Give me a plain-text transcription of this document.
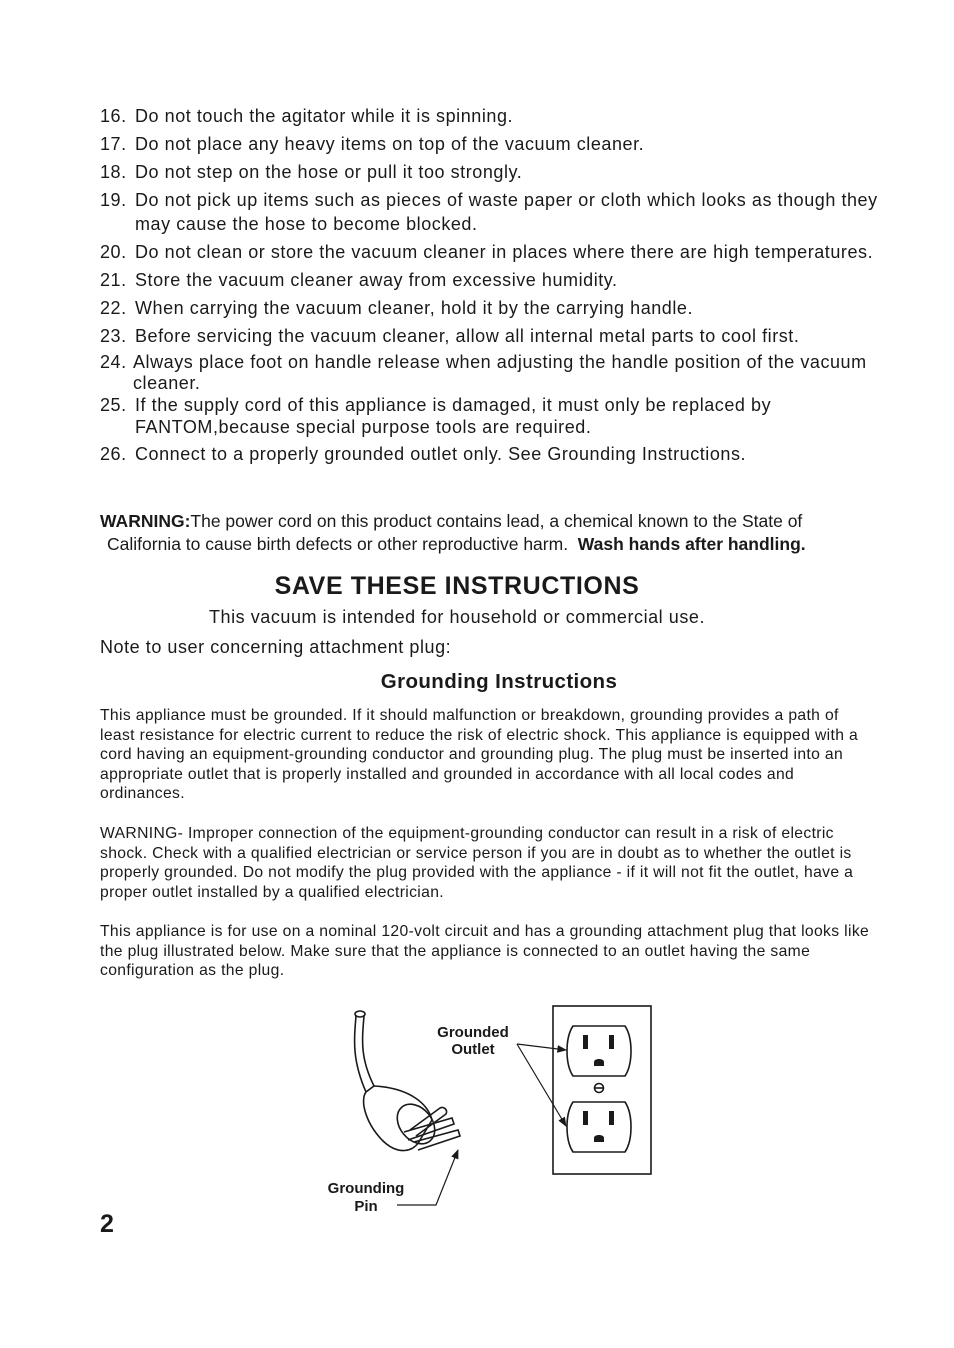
16. Do not touch the agitator while it is spinning.
17. Do not place any heavy items on top of the vacuum cleaner.
18. Do not step on the hose or pull it too strongly.
19. Do not pick up items such as pieces of waste paper or cloth which looks as though they may cause the hose to become blocked.
20. Do not clean or store the vacuum cleaner in places where there are high temperatures.
21. Store the vacuum cleaner away from excessive humidity.
22. When carrying the vacuum cleaner, hold it by the carrying handle.
23. Before servicing the vacuum cleaner, allow all internal metal parts to cool first.
24. Always place foot on handle release when adjusting the handle position of the vacuum cleaner.
25. If the supply cord of this appliance is damaged, it must only be replaced by FANTOM,because special purpose tools are required.
26. Connect to a properly grounded outlet only. See Grounding Instructions.
WARNING:The power cord on this product contains lead, a chemical known to the State of
California to cause birth defects or other reproductive harm. Wash hands after handling.
SAVE THESE INSTRUCTIONS
This vacuum is intended for household or commercial use.
Note to user concerning attachment plug:
Grounding Instructions

This appliance must be grounded. If it should malfunction or breakdown, grounding provides a path of least resistance for electric current to reduce the risk of electric shock. This appliance is equipped with a cord having an equipment-grounding conductor and grounding plug. The plug must be inserted into an appropriate outlet that is properly installed and grounded in accordance with all local codes and ordinances.

WARNING- Improper connection of the equipment-grounding conductor can result in a risk of electric shock. Check with a qualified electrician or service person if you are in doubt as to whether the outlet is properly grounded. Do not modify the plug provided with the appliance - if it will not fit the outlet, have a proper outlet installed by a qualified electrician.

This appliance is for use on a nominal 120-volt circuit and has a grounding attachment plug that looks like the plug illustrated below. Make sure that the appliance is connected to an outlet having the same configuration as the plug.

Grounded
Outlet
Grounding
Pin
2
